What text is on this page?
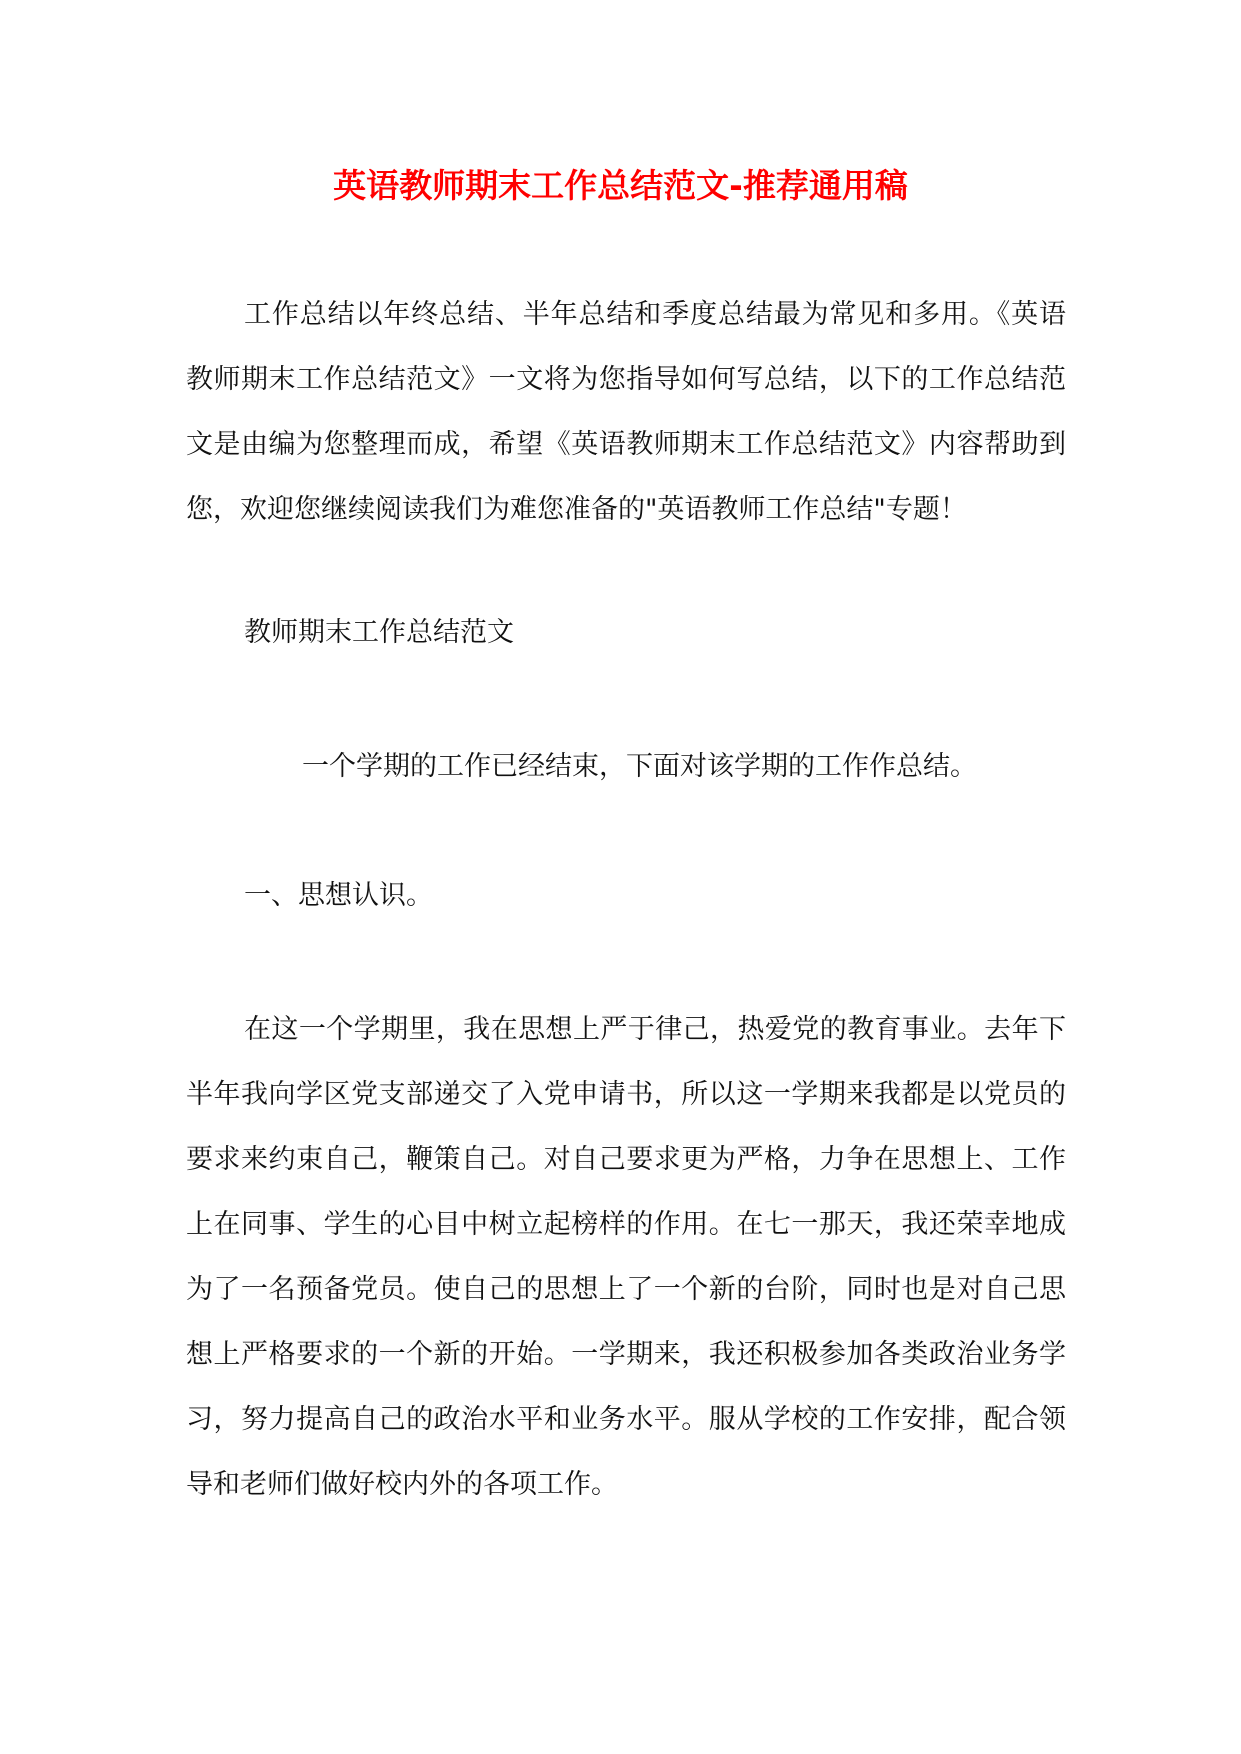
英语教师期末工作总结范文-推荐通用稿

工作总结以年终总结、半年总结和季度总结最为常见和多用。《英语教师期末工作总结范文》一文将为您指导如何写总结，以下的工作总结范文是由编为您整理而成，希望《英语教师期末工作总结范文》内容帮助到您，欢迎您继续阅读我们为难您准备的"英语教师工作总结"专题！

教师期末工作总结范文

一个学期的工作已经结束，下面对该学期的工作作总结。

一、思想认识。

在这一个学期里，我在思想上严于律己，热爱党的教育事业。去年下半年我向学区党支部递交了入党申请书，所以这一学期来我都是以党员的要求来约束自己，鞭策自己。对自己要求更为严格，力争在思想上、工作上在同事、学生的心目中树立起榜样的作用。在七一那天，我还荣幸地成为了一名预备党员。使自己的思想上了一个新的台阶，同时也是对自己思想上严格要求的一个新的开始。一学期来，我还积极参加各类政治业务学习，努力提高自己的政治水平和业务水平。服从学校的工作安排，配合领导和老师们做好校内外的各项工作。
